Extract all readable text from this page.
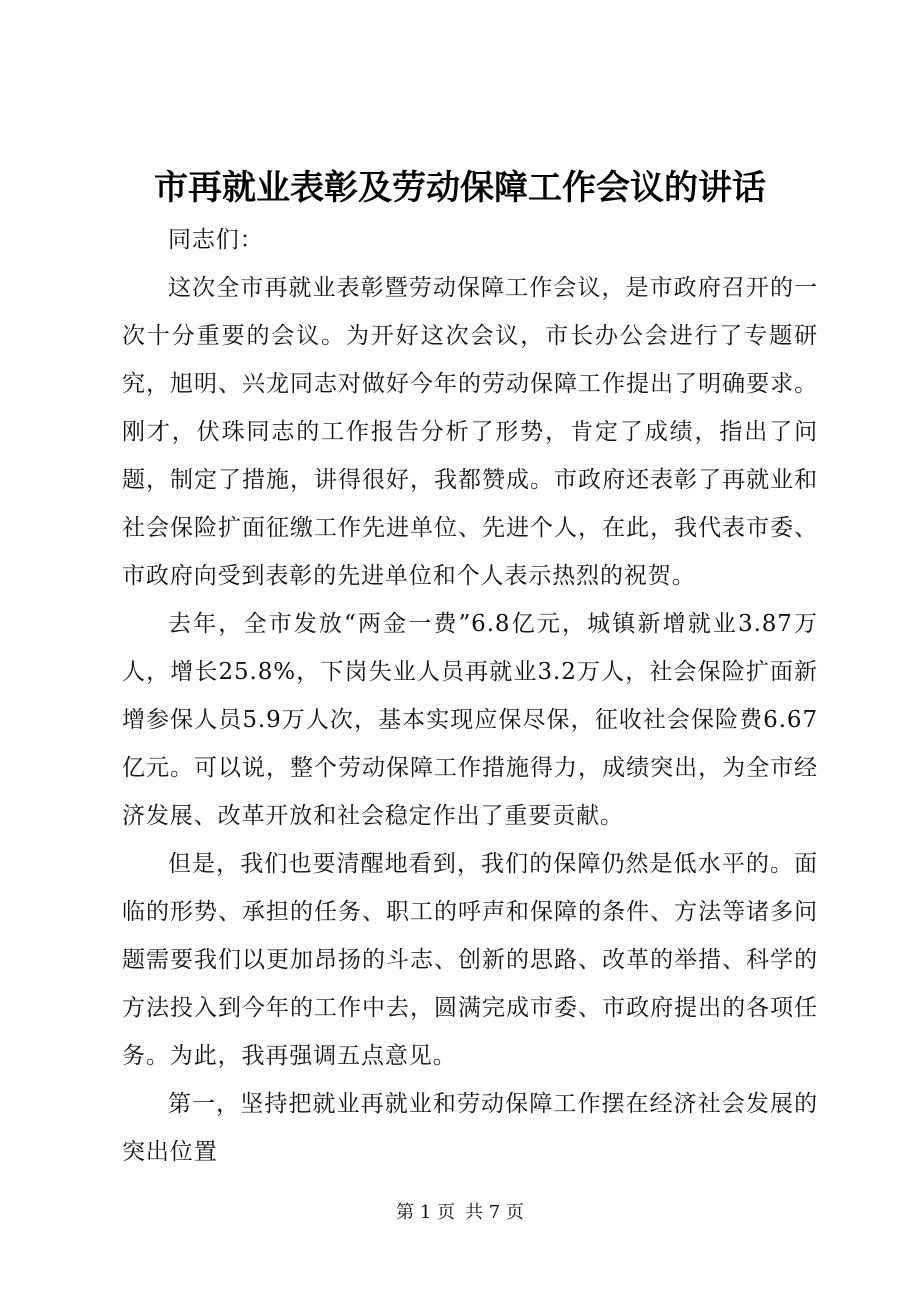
市再就业表彰及劳动保障工作会议的讲话

同志们：

这次全市再就业表彰暨劳动保障工作会议，是市政府召开的一次十分重要的会议。为开好这次会议，市长办公会进行了专题研究，旭明、兴龙同志对做好今年的劳动保障工作提出了明确要求。刚才，伏珠同志的工作报告分析了形势，肯定了成绩，指出了问题，制定了措施，讲得很好，我都赞成。市政府还表彰了再就业和社会保险扩面征缴工作先进单位、先进个人，在此，我代表市委、市政府向受到表彰的先进单位和个人表示热烈的祝贺。

去年，全市发放“两金一费”6.8亿元，城镇新增就业3.87万人，增长25.8%，下岗失业人员再就业3.2万人，社会保险扩面新增参保人员5.9万人次，基本实现应保尽保，征收社会保险费6.67亿元。可以说，整个劳动保障工作措施得力，成绩突出，为全市经济发展、改革开放和社会稳定作出了重要贡献。

但是，我们也要清醒地看到，我们的保障仍然是低水平的。面临的形势、承担的任务、职工的呼声和保障的条件、方法等诸多问题需要我们以更加昂扬的斗志、创新的思路、改革的举措、科学的方法投入到今年的工作中去，圆满完成市委、市政府提出的各项任务。为此，我再强调五点意见。

第一，坚持把就业再就业和劳动保障工作摆在经济社会发展的突出位置

第 1 页 共 7 页
